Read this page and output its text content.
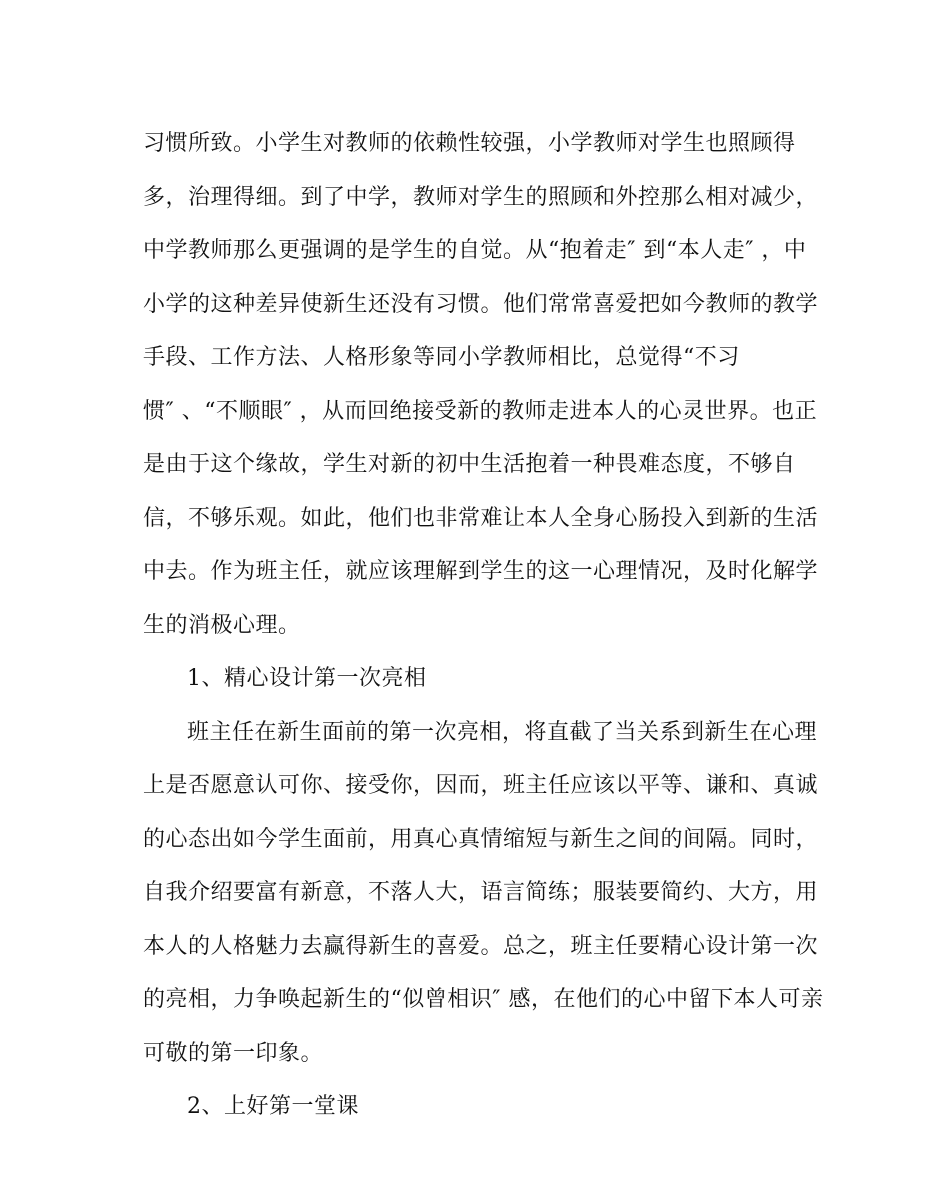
习惯所致。小学生对教师的依赖性较强，小学教师对学生也照顾得
多，治理得细。到了中学，教师对学生的照顾和外控那么相对减少，
中学教师那么更强调的是学生的自觉。从“抱着走″ 到“本人走″ ，中
小学的这种差异使新生还没有习惯。他们常常喜爱把如今教师的教学
手段、工作方法、人格形象等同小学教师相比，总觉得“不习
惯″ 、“不顺眼″ ，从而回绝接受新的教师走进本人的心灵世界。也正
是由于这个缘故，学生对新的初中生活抱着一种畏难态度，不够自
信，不够乐观。如此，他们也非常难让本人全身心肠投入到新的生活
中去。作为班主任，就应该理解到学生的这一心理情况，及时化解学
生的消极心理。
1、精心设计第一次亮相
班主任在新生面前的第一次亮相，将直截了当关系到新生在心理
上是否愿意认可你、接受你，因而，班主任应该以平等、谦和、真诚
的心态出如今学生面前，用真心真情缩短与新生之间的间隔。同时，
自我介绍要富有新意，不落人大，语言简练；服装要简约、大方，用
本人的人格魅力去赢得新生的喜爱。总之，班主任要精心设计第一次
的亮相，力争唤起新生的“似曾相识″ 感，在他们的心中留下本人可亲
可敬的第一印象。
2、上好第一堂课
